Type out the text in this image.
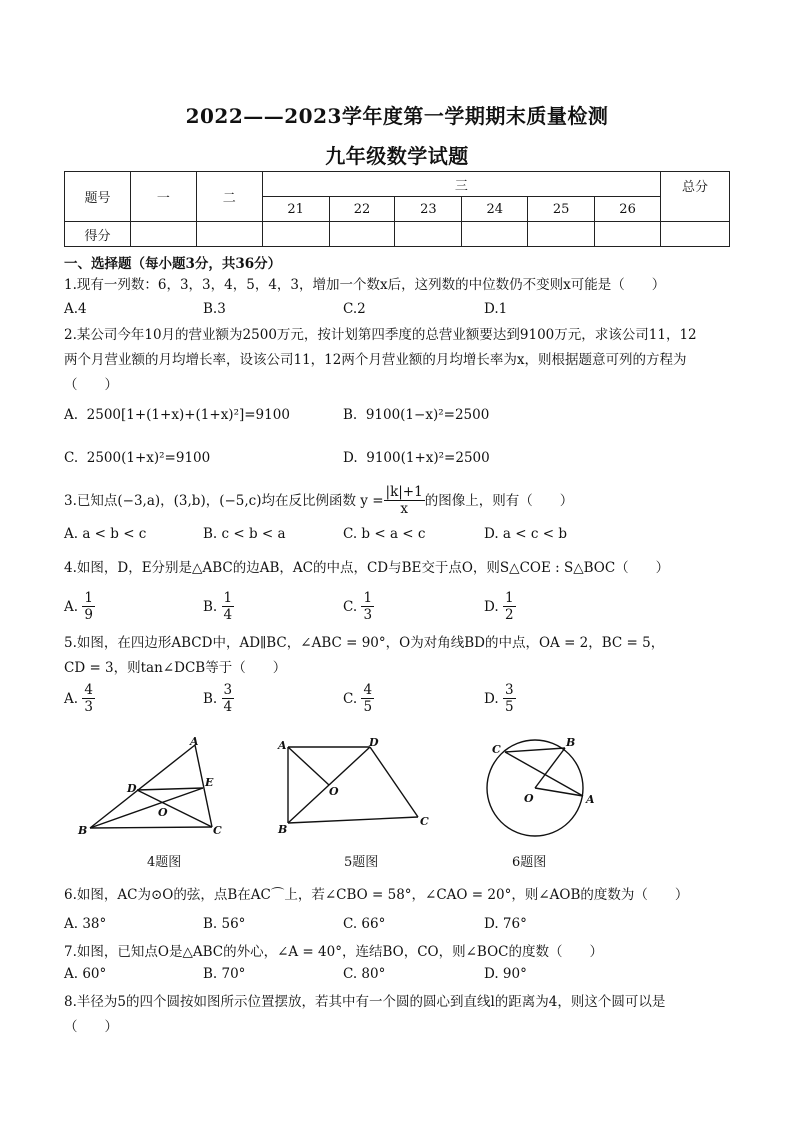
2022——2023学年度第一学期期末质量检测
九年级数学试题
题号	一	二	三						总分
			21	22	23	24	25	26	
得分									
一、选择题（每小题3分，共36分）
1.现有一列数：6，3，3，4，5，4，3，增加一个数x后，这列数的中位数仍不变则x可能是（　　）
A.4	B.3	C.2	D.1
2.某公司今年10月的营业额为2500万元，按计划第四季度的总营业额要达到9100万元，求该公司11，12
两个月营业额的月均增长率，设该公司11，12两个月营业额的月均增长率为x，则根据题意可列的方程为
（　　）
A. 2500[1+(1+x)+(1+x)²]=9100	B. 9100(1−x)²=2500
C. 2500(1+x)²=9100	D. 9100(1+x)²=2500
3.已知点(−3,a)，(3,b)，(−5,c)均在反比例函数 $y = \frac{|k|+1}{x}$ 的图像上，则有（　　）
A. a < b < c	B. c < b < a	C. b < a < c	D. a < c < b
4.如图，D，E分别是△ABC的边AB，AC的中点，CD与BE交于点O，则S△COE : S△BOC（　　）
A.
$\frac{1}{9}$	B.
$\frac{1}{4}$	C.
$\frac{1}{3}$	D.
$\frac{1}{2}$
5.如图，在四边形ABCD中，AD∥BC，∠ABC = 90°，O为对角线BD的中点，OA = 2，BC = 5，
CD = 3，则tan∠DCB等于（　　）
A.
$\frac{4}{3}$	B.
$\frac{3}{4}$	C.
$\frac{4}{5}$	D.
$\frac{3}{5}$
A
B	C
D	E
O
A	D
B
C
O
C
B
O	A
4题图	5题图	6题图
6.如图，AC为⊙O的弦，点B在AC⌒上，若∠CBO = 58°，∠CAO = 20°，则∠AOB的度数为（　　）
A. 38°	B. 56°	C. 66°	D. 76°
7.如图，已知点O是△ABC的外心，∠A = 40°，连结BO，CO，则∠BOC的度数（　　）
A. 60°	B. 70°	C. 80°	D. 90°
8.半径为5的四个圆按如图所示位置摆放，若其中有一个圆的圆心到直线l的距离为4，则这个圆可以是
（　　）
